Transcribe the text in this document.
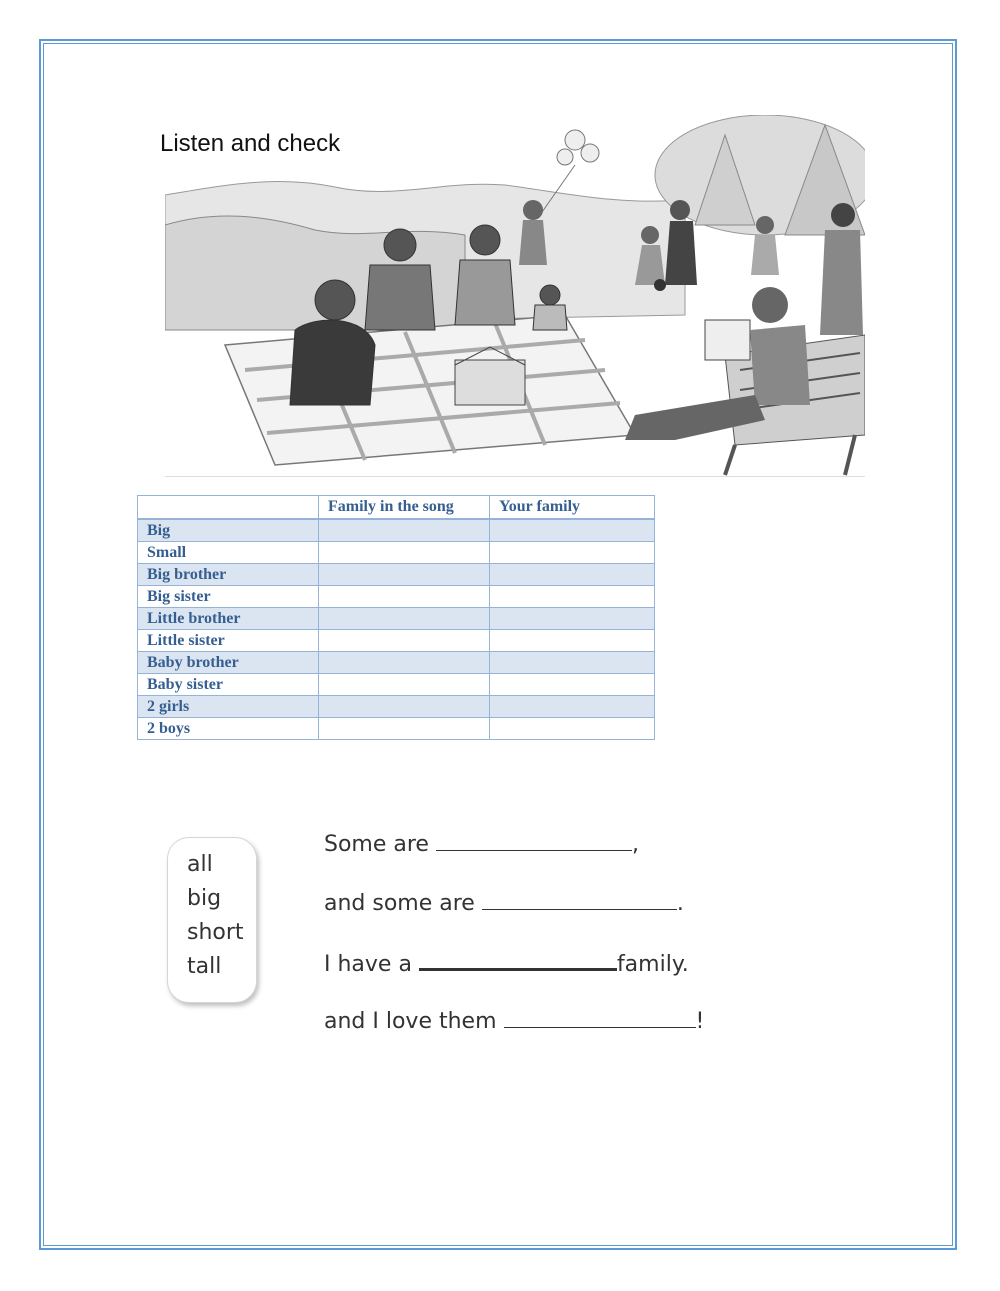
Listen and check
	Family in the song	Your family
Big		
Small		
Big brother		
Big sister		
Little brother		
Little sister		
Baby brother		
Baby sister		
2 girls		
2 boys		
all
big
short
tall
Some are	,
and some are	.
I have a	family.
and I love them	!
